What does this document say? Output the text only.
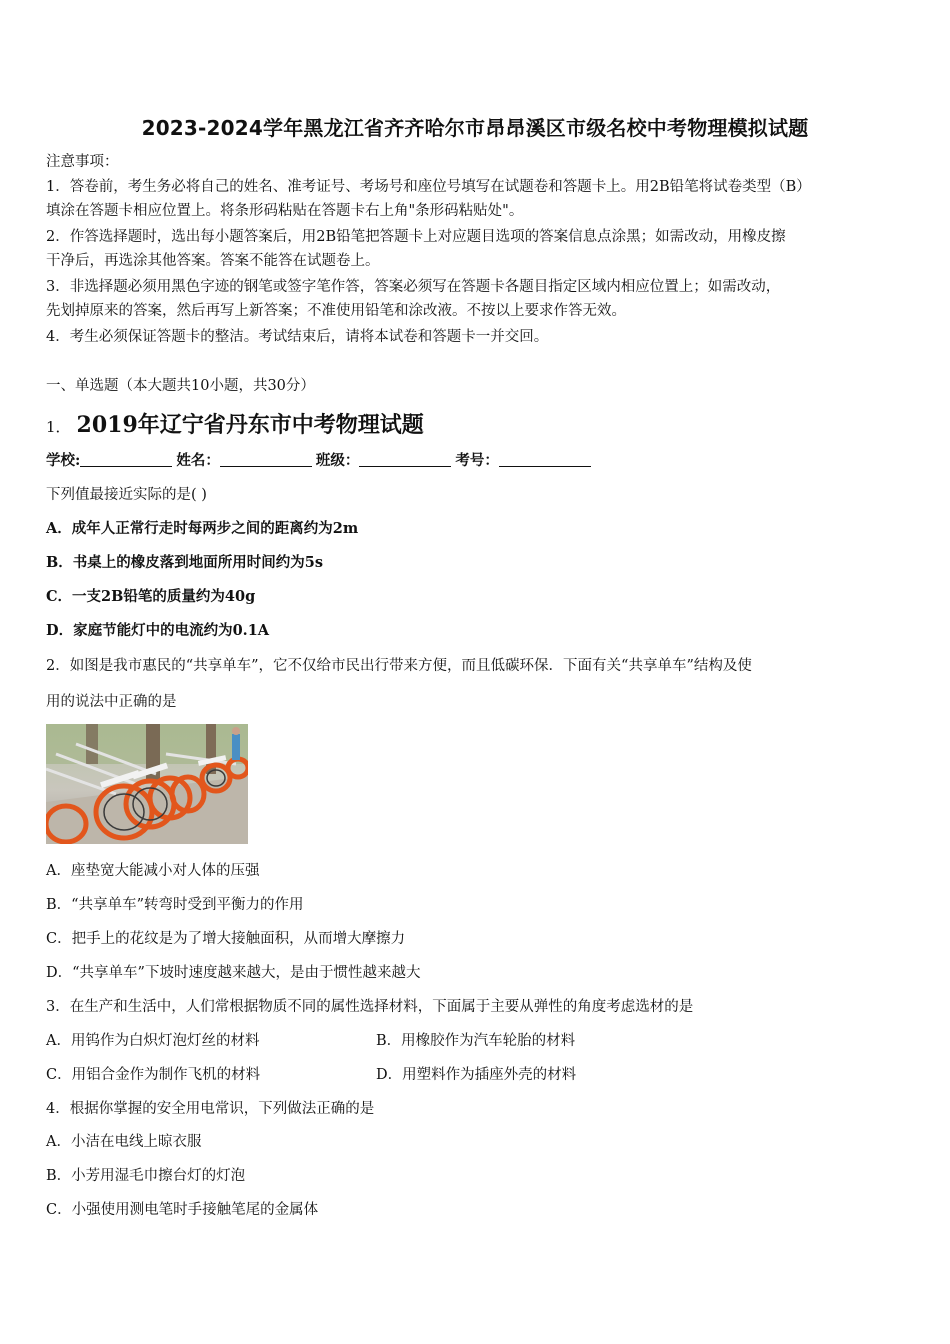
2023-2024学年黑龙江省齐齐哈尔市昂昂溪区市级名校中考物理模拟试题
注意事项：
1．答卷前，考生务必将自己的姓名、准考证号、考场号和座位号填写在试题卷和答题卡上。用2B铅笔将试卷类型（B）
填涂在答题卡相应位置上。将条形码粘贴在答题卡右上角"条形码粘贴处"。
2．作答选择题时，选出每小题答案后，用2B铅笔把答题卡上对应题目选项的答案信息点涂黑；如需改动，用橡皮擦
干净后，再选涂其他答案。答案不能答在试题卷上。
3．非选择题必须用黑色字迹的钢笔或签字笔作答，答案必须写在答题卡各题目指定区域内相应位置上；如需改动，
先划掉原来的答案，然后再写上新答案；不准使用铅笔和涂改液。不按以上要求作答无效。
4．考生必须保证答题卡的整洁。考试结束后，请将本试卷和答题卡一并交回。
一、单选题（本大题共10小题，共30分）
1． 2019年辽宁省丹东市中考物理试题
学校:	姓名：	班级：	考号：
下列值最接近实际的是( )
A．成年人正常行走时每两步之间的距离约为2m
B．书桌上的橡皮落到地面所用时间约为5s
C．一支2B铅笔的质量约为40g
D．家庭节能灯中的电流约为0.1A
2．如图是我市惠民的“共享单车”，它不仅给市民出行带来方便，而且低碳环保．下面有关“共享单车”结构及使
用的说法中正确的是
A．座垫宽大能减小对人体的压强
B．“共享单车”转弯时受到平衡力的作用
C．把手上的花纹是为了增大接触面积，从而增大摩擦力
D．“共享单车”下坡时速度越来越大，是由于惯性越来越大
3．在生产和生活中，人们常根据物质不同的属性选择材料，下面属于主要从弹性的角度考虑选材的是
A．用钨作为白炽灯泡灯丝的材料	B．用橡胶作为汽车轮胎的材料
C．用铝合金作为制作飞机的材料	D．用塑料作为插座外壳的材料
4．根据你掌握的安全用电常识，下列做法正确的是
A．小洁在电线上晾衣服
B．小芳用湿毛巾擦台灯的灯泡
C．小强使用测电笔时手接触笔尾的金属体
